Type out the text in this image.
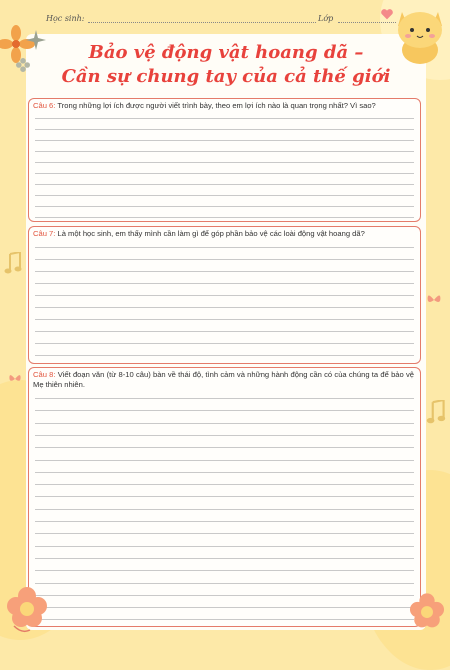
Học sinh:	Lớp
Bảo vệ động vật hoang dã –
Cần sự chung tay của cả thế giới
Câu 6: Trong những lợi ích được người viết trình bày, theo em lợi ích nào là quan trọng nhất? Vì sao?
Câu 7: Là một học sinh, em thấy mình cần làm gì để góp phần bảo vệ các loài động vật hoang dã?
Câu 8: Viết đoạn văn (từ 8-10 câu) bàn về thái độ, tình cảm và những hành động cần có của chúng ta để bảo vệ Mẹ thiên nhiên.
